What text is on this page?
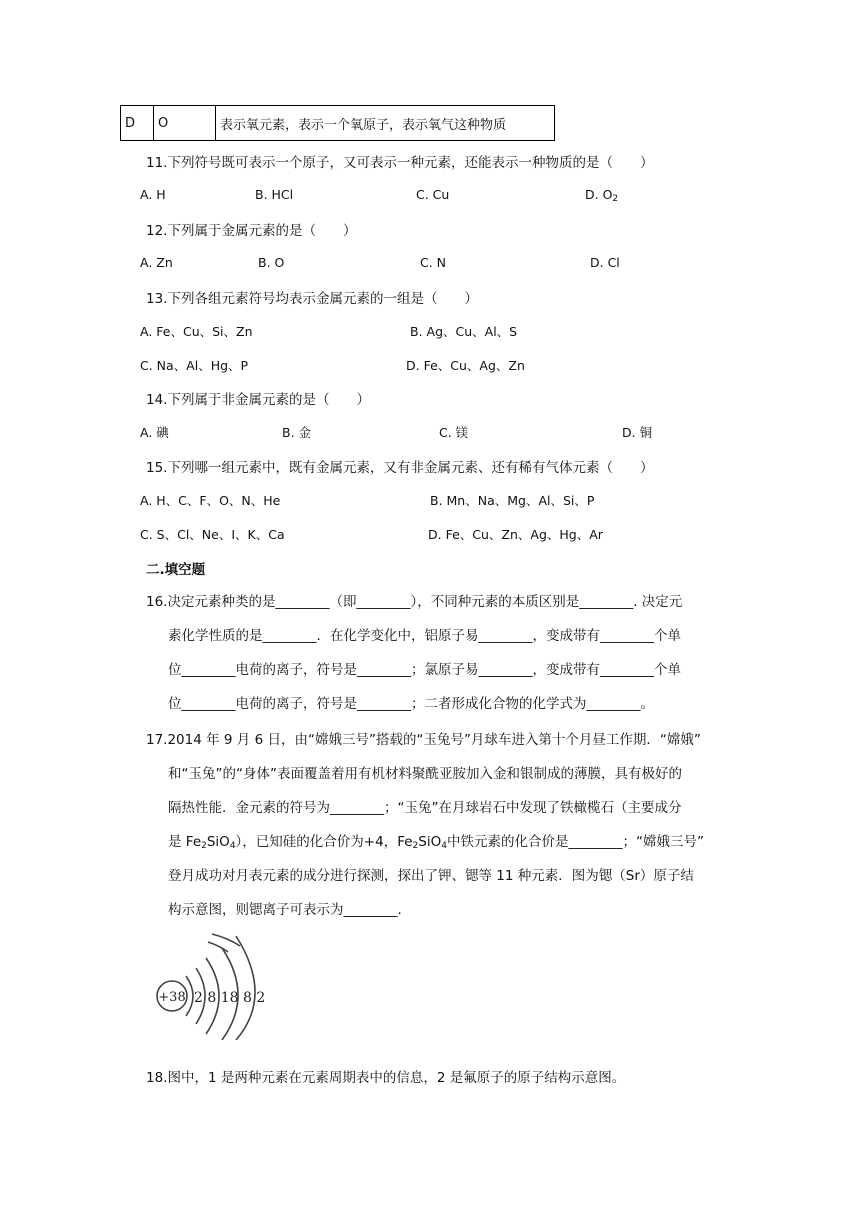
D	O	表示氧元素，表示一个氧原子，表示氧气这种物质
11.下列符号既可表示一个原子，又可表示一种元素，还能表示一种物质的是（　　）
A. H	B. HCl	C. Cu	D. $O_2$
12.下列属于金属元素的是（　　）
A. Zn	B. O	C. N	D. Cl
13.下列各组元素符号均表示金属元素的一组是（　　）
A. Fe、Cu、Si、Zn	B. Ag、Cu、Al、S
C. Na、Al、Hg、P	D. Fe、Cu、Ag、Zn
14.下列属于非金属元素的是（　　）
A. 碘	B. 金	C. 镁	D. 铜
15.下列哪一组元素中，既有金属元素，又有非金属元素、还有稀有气体元素（　　）
A. H、C、F、O、N、He	B. Mn、Na、Mg、Al、Si、P
C. S、Cl、Ne、I、K、Ca	D. Fe、Cu、Zn、Ag、Hg、Ar
二.填空题
16.决定元素种类的是________（即________），不同种元素的本质区别是________. 决定元
素化学性质的是________．在化学变化中，铝原子易________，变成带有________个单
位________电荷的离子，符号是________；氯原子易________，变成带有________个单
位________电荷的离子，符号是________；二者形成化合物的化学式为________。
17.2014 年 9 月 6 日，由“嫦娥三号”搭载的“玉兔号”月球车进入第十个月昼工作期．“嫦娥”
和“玉兔”的“身体”表面覆盖着用有机材料聚酰亚胺加入金和银制成的薄膜，具有极好的
隔热性能．金元素的符号为________；“玉兔”在月球岩石中发现了铁橄榄石（主要成分
是 $Fe_2SiO_4$），已知硅的化合价为+4，$Fe_2SiO_4$中铁元素的化合价是________；“嫦娥三号”
登月成功对月表元素的成分进行探测，探出了钾、锶等 11 种元素．图为锶（Sr）原子结
构示意图，则锶离子可表示为________.
+38 2 8 18 8 2
18.图中，1 是两种元素在元素周期表中的信息，2 是氟原子的原子结构示意图。
